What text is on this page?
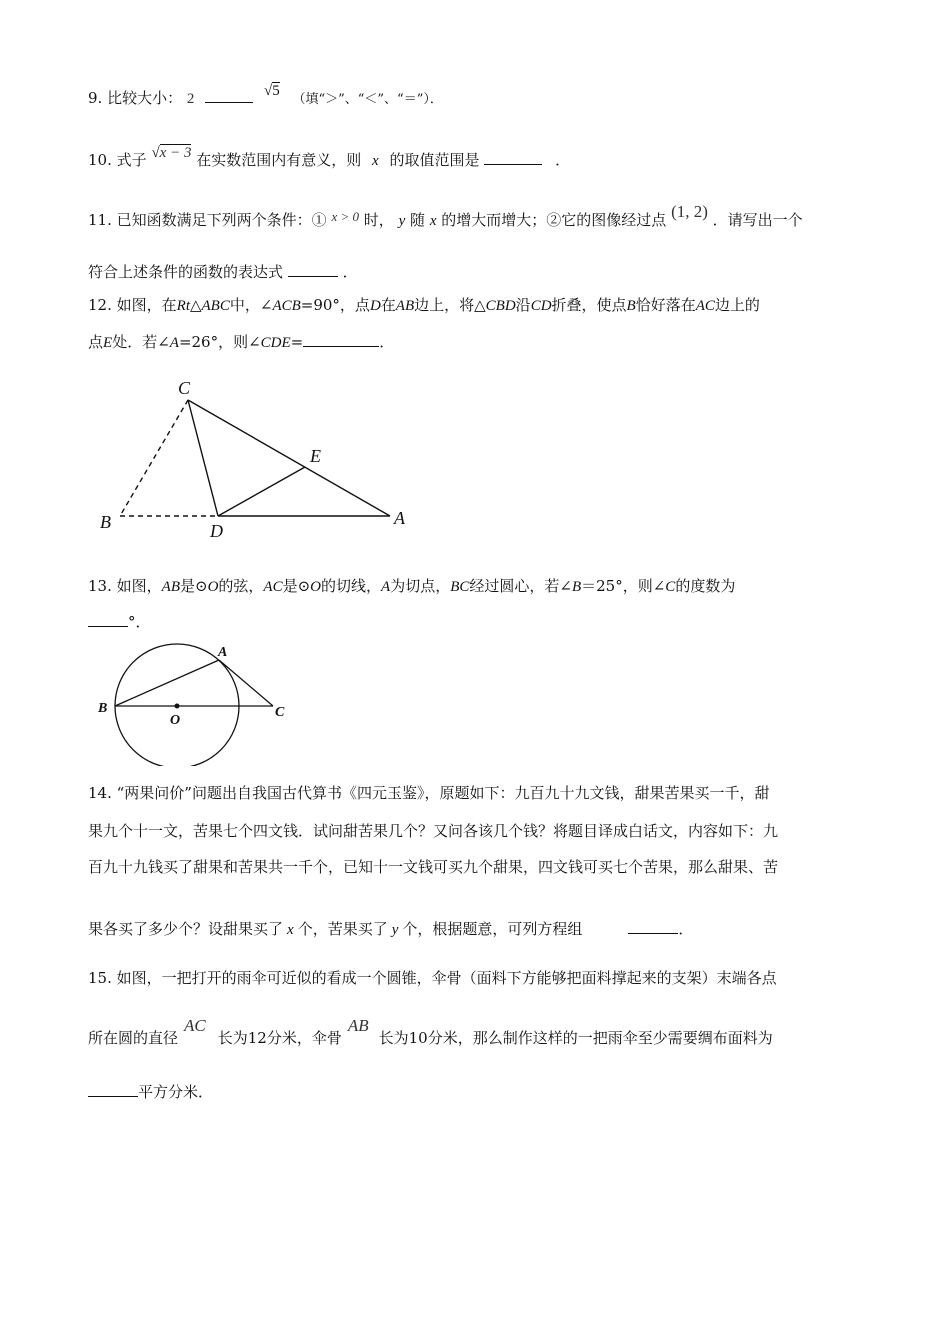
9. 比较大小： 2	√5 （填“＞”、“＜”、“＝”）．
10. 式子 √x − 3 在实数范围内有意义，则 x 的取值范围是	．
11. 已知函数满足下列两个条件：① x > 0 时， y 随 x 的增大而增大；②它的图像经过点 (1, 2) ．请写出一个
符合上述条件的函数的表达式	．
12. 如图，在Rt△ABC中，∠ACB=90°，点D在AB边上，将△CBD沿CD折叠，使点B恰好落在AC边上的
点E处．若∠A=26°，则∠CDE=	．
C
E
B	D
A
13. 如图，AB是⊙O的弦，AC是⊙O的切线，A为切点，BC经过圆心，若∠B＝25°，则∠C的度数为
°．
A
B
O
C
14. “两果问价”问题出自我国古代算书《四元玉鉴》，原题如下：九百九十九文钱，甜果苦果买一千，甜
果九个十一文，苦果七个四文钱．试问甜苦果几个？又问各该几个钱？将题目译成白话文，内容如下：九
百九十九钱买了甜果和苦果共一千个，已知十一文钱可买九个甜果，四文钱可买七个苦果，那么甜果、苦
果各买了多少个？设甜果买了 x 个，苦果买了 y 个，根据题意，可列方程组	．
15. 如图，一把打开的雨伞可近似的看成一个圆锥，伞骨（面料下方能够把面料撑起来的支架）末端各点
所在圆的直径AC长为12分米，伞骨AB长为10分米，那么制作这样的一把雨伞至少需要绸布面料为
平方分米．
